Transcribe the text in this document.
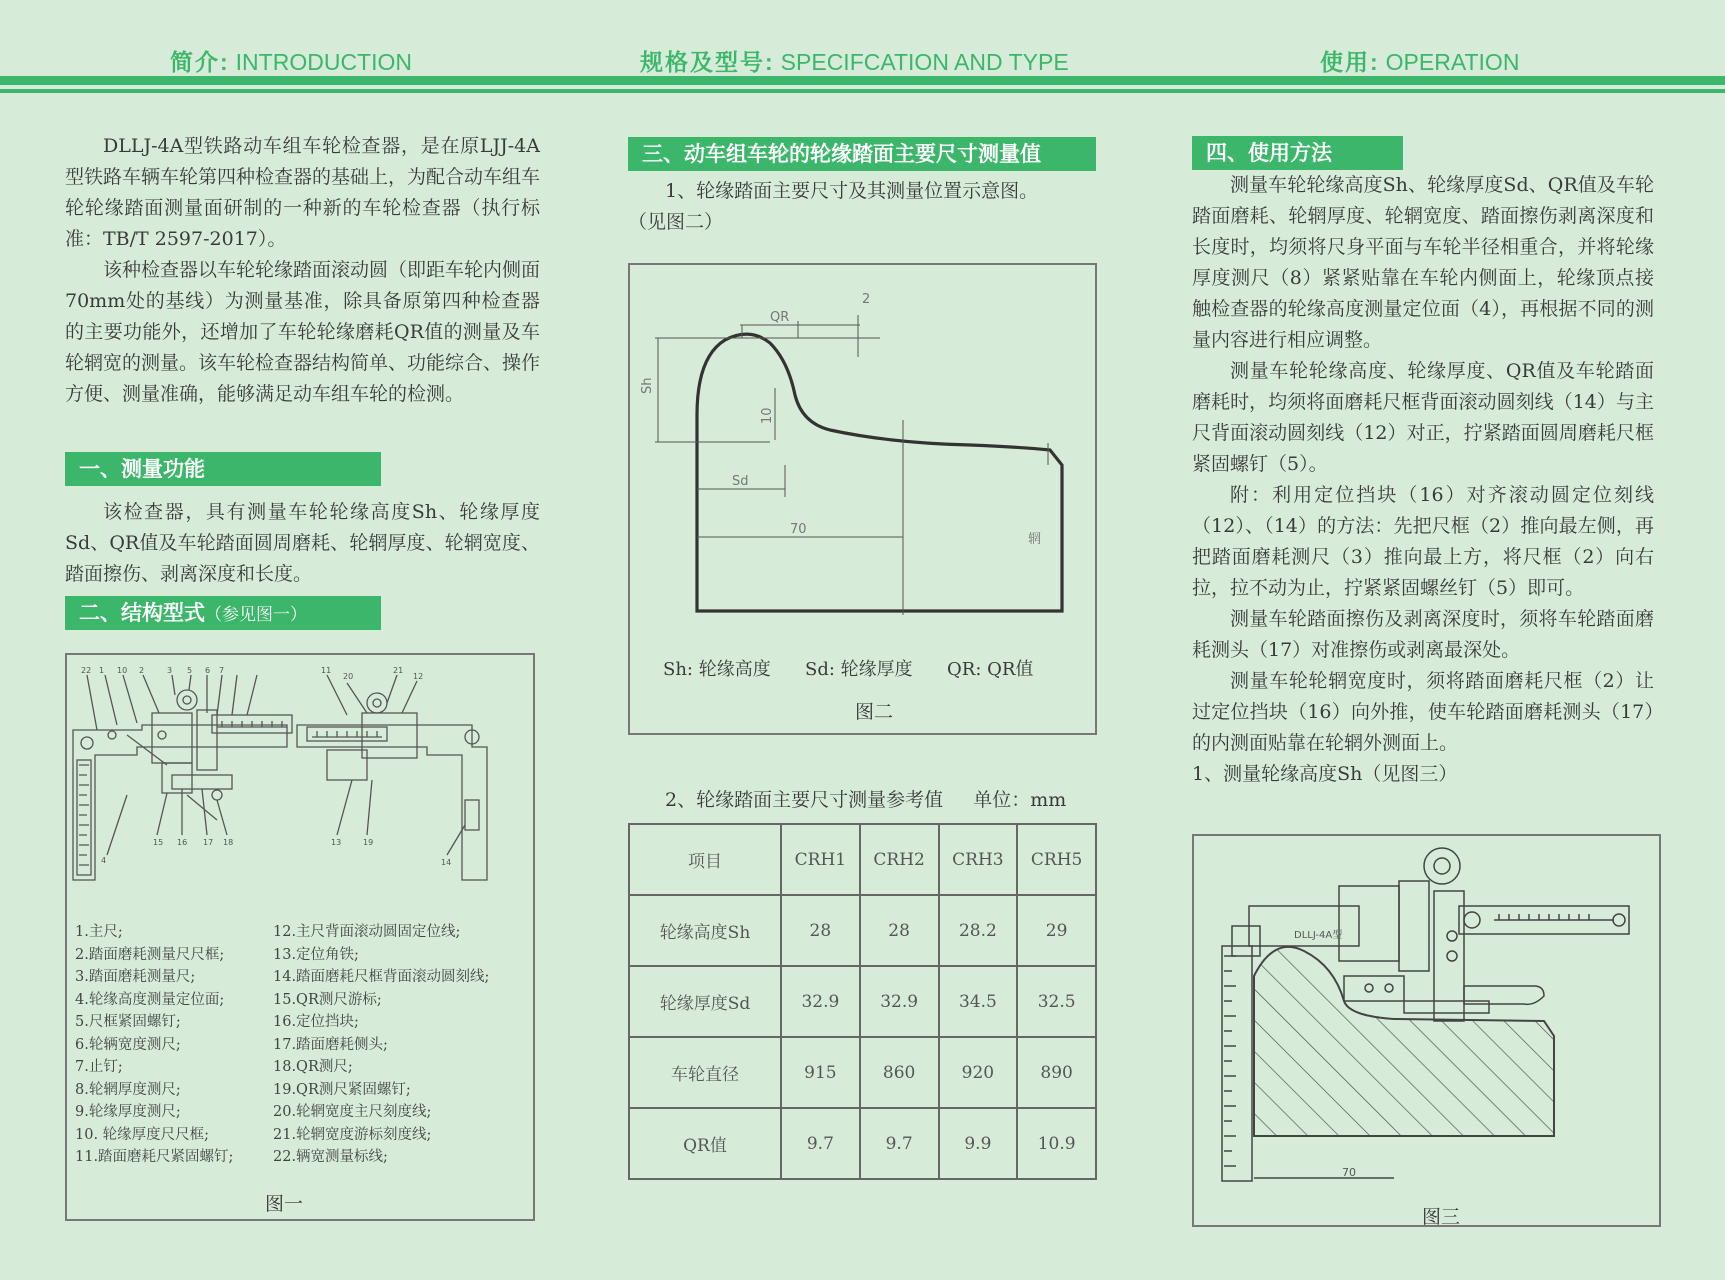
简介: INTRODUCTION	规格及型号: SPECIFCATION AND TYPE	使用: OPERATION

DLLJ-4A型铁路动车组车轮检查器，是在原LJJ-4A型铁路车辆车轮第四种检查器的基础上，为配合动车组车轮轮缘踏面测量面研制的一种新的车轮检查器（执行标准：TB/T 2597-2017）。

该种检查器以车轮轮缘踏面滚动圆（即距车轮内侧面70mm处的基线）为测量基准，除具备原第四种检查器的主要功能外，还增加了车轮轮缘磨耗QR值的测量及车轮辋宽的测量。该车轮检查器结构简单、功能综合、操作方便、测量准确，能够满足动车组车轮的检测。

一、测量功能

该检查器，具有测量车轮轮缘高度Sh、轮缘厚度Sd、QR值及车轮踏面圆周磨耗、轮辋厚度、轮辋宽度、踏面擦伤、剥离深度和长度。

二、结构型式（参见图一）
22 1 10 2	3 5 6 7	11
20
21
12
4
15 16 17 18	13	19
14
1.主尺;
2.踏面磨耗测量尺尺框;
3.踏面磨耗测量尺;
4.轮缘高度测量定位面;
5.尺框紧固螺钉;
6.轮辆宽度测尺;
7.止钉;
8.轮辋厚度测尺;
9.轮缘厚度测尺;
10. 轮缘厚度尺尺框;
11.踏面磨耗尺紧固螺钉;
12.主尺背面滚动圆固定位线;
13.定位角铁;
14.踏面磨耗尺框背面滚动圆刻线;
15.QR测尺游标;
16.定位挡块;
17.踏面磨耗侧头;
18.QR测尺;
19.QR测尺紧固螺钉;
20.轮辋宽度主尺刻度线;
21.轮辋宽度游标刻度线;
22.辆宽测量标线;
图一
三、动车组车轮的轮缘踏面主要尺寸测量值
1、轮缘踏面主要尺寸及其测量位置示意图。
（见图二）
QR
2
Sh
10
Sd
70
辋
Sh: 轮缘高度      Sd: 轮缘厚度      QR: QR值
图二
2、轮缘踏面主要尺寸测量参考值     单位：mm
项目	CRH1	CRH2	CRH3	CRH5
轮缘高度Sh	28	28	28.2	29
轮缘厚度Sd	32.9	32.9	34.5	32.5
车轮直径	915	860	920	890
QR值	9.7	9.7	9.9	10.9
四、使用方法

测量车轮轮缘高度Sh、轮缘厚度Sd、QR值及车轮踏面磨耗、轮辋厚度、轮辋宽度、踏面擦伤剥离深度和长度时，均须将尺身平面与车轮半径相重合，并将轮缘厚度测尺（8）紧紧贴靠在车轮内侧面上，轮缘顶点接触检查器的轮缘高度测量定位面（4），再根据不同的测量内容进行相应调整。

测量车轮轮缘高度、轮缘厚度、QR值及车轮踏面磨耗时，均须将面磨耗尺框背面滚动圆刻线（14）与主尺背面滚动圆刻线（12）对正，拧紧踏面圆周磨耗尺框紧固螺钉（5）。

附：利用定位挡块（16）对齐滚动圆定位刻线（12）、（14）的方法：先把尺框（2）推向最左侧，再把踏面磨耗测尺（3）推向最上方，将尺框（2）向右拉，拉不动为止，拧紧紧固螺丝钉（5）即可。

测量车轮踏面擦伤及剥离深度时，须将车轮踏面磨耗测头（17）对准擦伤或剥离最深处。

测量车轮轮辋宽度时，须将踏面磨耗尺框（2）让过定位挡块（16）向外推，使车轮踏面磨耗测头（17）的内测面贴靠在轮辋外测面上。

1、测量轮缘高度Sh（见图三）

70
DLLJ-4A型
图三
